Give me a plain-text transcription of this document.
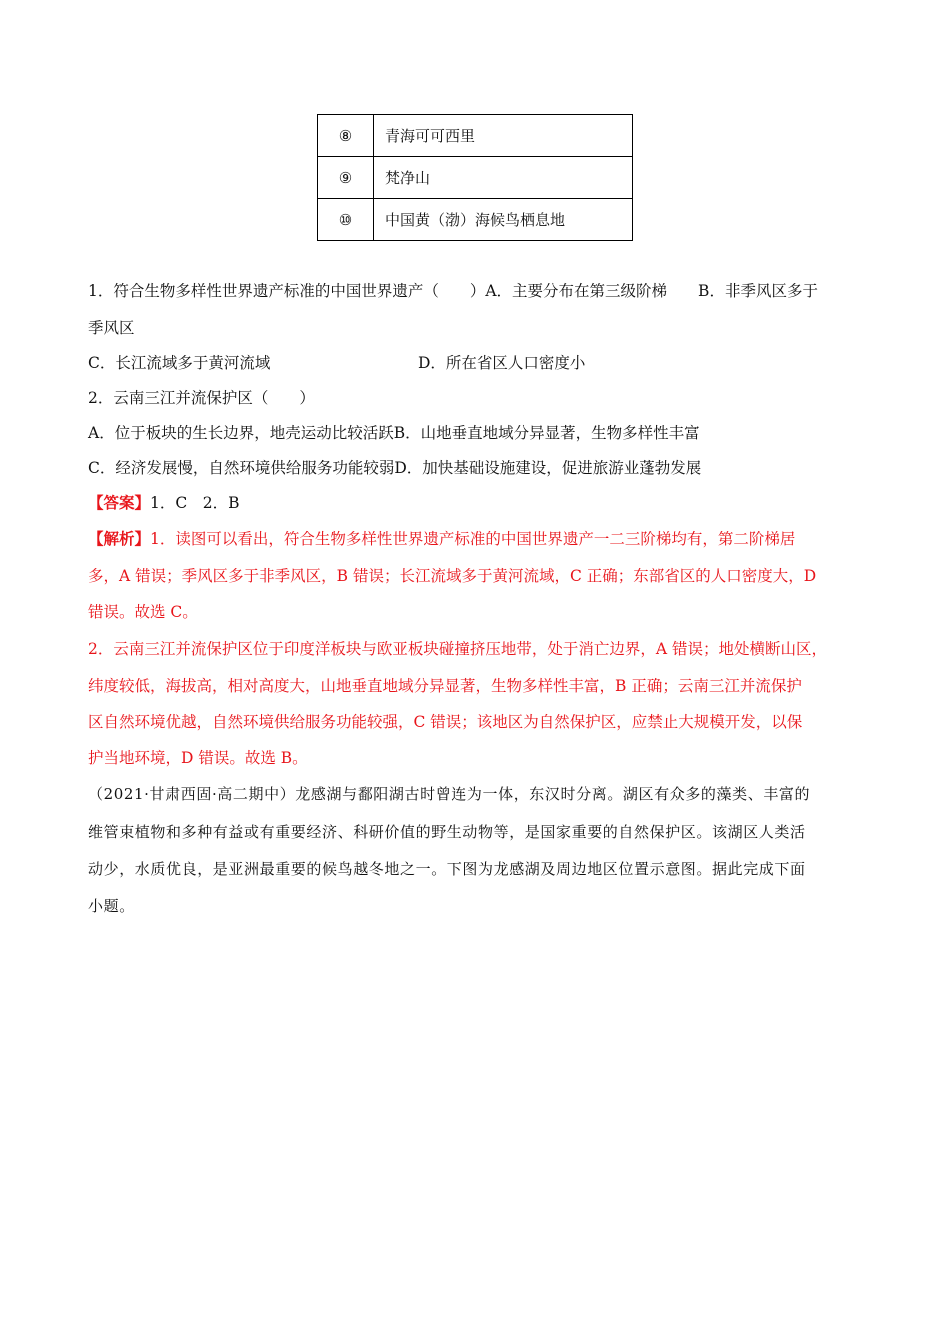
⑧	青海可可西里
⑨	梵净山
⑩	中国黄（渤）海候鸟栖息地
1．符合生物多样性世界遗产标准的中国世界遗产（　　）A．主要分布在第三级阶梯　　B．非季风区多于
季风区
C．长江流域多于黄河流域	D．所在省区人口密度小
2．云南三江并流保护区（　　）
A．位于板块的生长边界，地壳运动比较活跃B．山地垂直地域分异显著，生物多样性丰富
C．经济发展慢，自然环境供给服务功能较弱D．加快基础设施建设，促进旅游业蓬勃发展
【答案】1．C　2．B
【解析】1．读图可以看出，符合生物多样性世界遗产标准的中国世界遗产一二三阶梯均有，第二阶梯居
多，A 错误；季风区多于非季风区，B 错误；长江流域多于黄河流域，C 正确；东部省区的人口密度大，D
错误。故选 C。
2．云南三江并流保护区位于印度洋板块与欧亚板块碰撞挤压地带，处于消亡边界，A 错误；地处横断山区，
纬度较低，海拔高，相对高度大，山地垂直地域分异显著，生物多样性丰富，B 正确；云南三江并流保护
区自然环境优越，自然环境供给服务功能较强，C 错误；该地区为自然保护区，应禁止大规模开发，以保
护当地环境，D 错误。故选 B。
（2021·甘肃西固·高二期中）龙感湖与鄱阳湖古时曾连为一体，东汉时分离。湖区有众多的藻类、丰富的
维管束植物和多种有益或有重要经济、科研价值的野生动物等，是国家重要的自然保护区。该湖区人类活
动少，水质优良，是亚洲最重要的候鸟越冬地之一。下图为龙感湖及周边地区位置示意图。据此完成下面
小题。
